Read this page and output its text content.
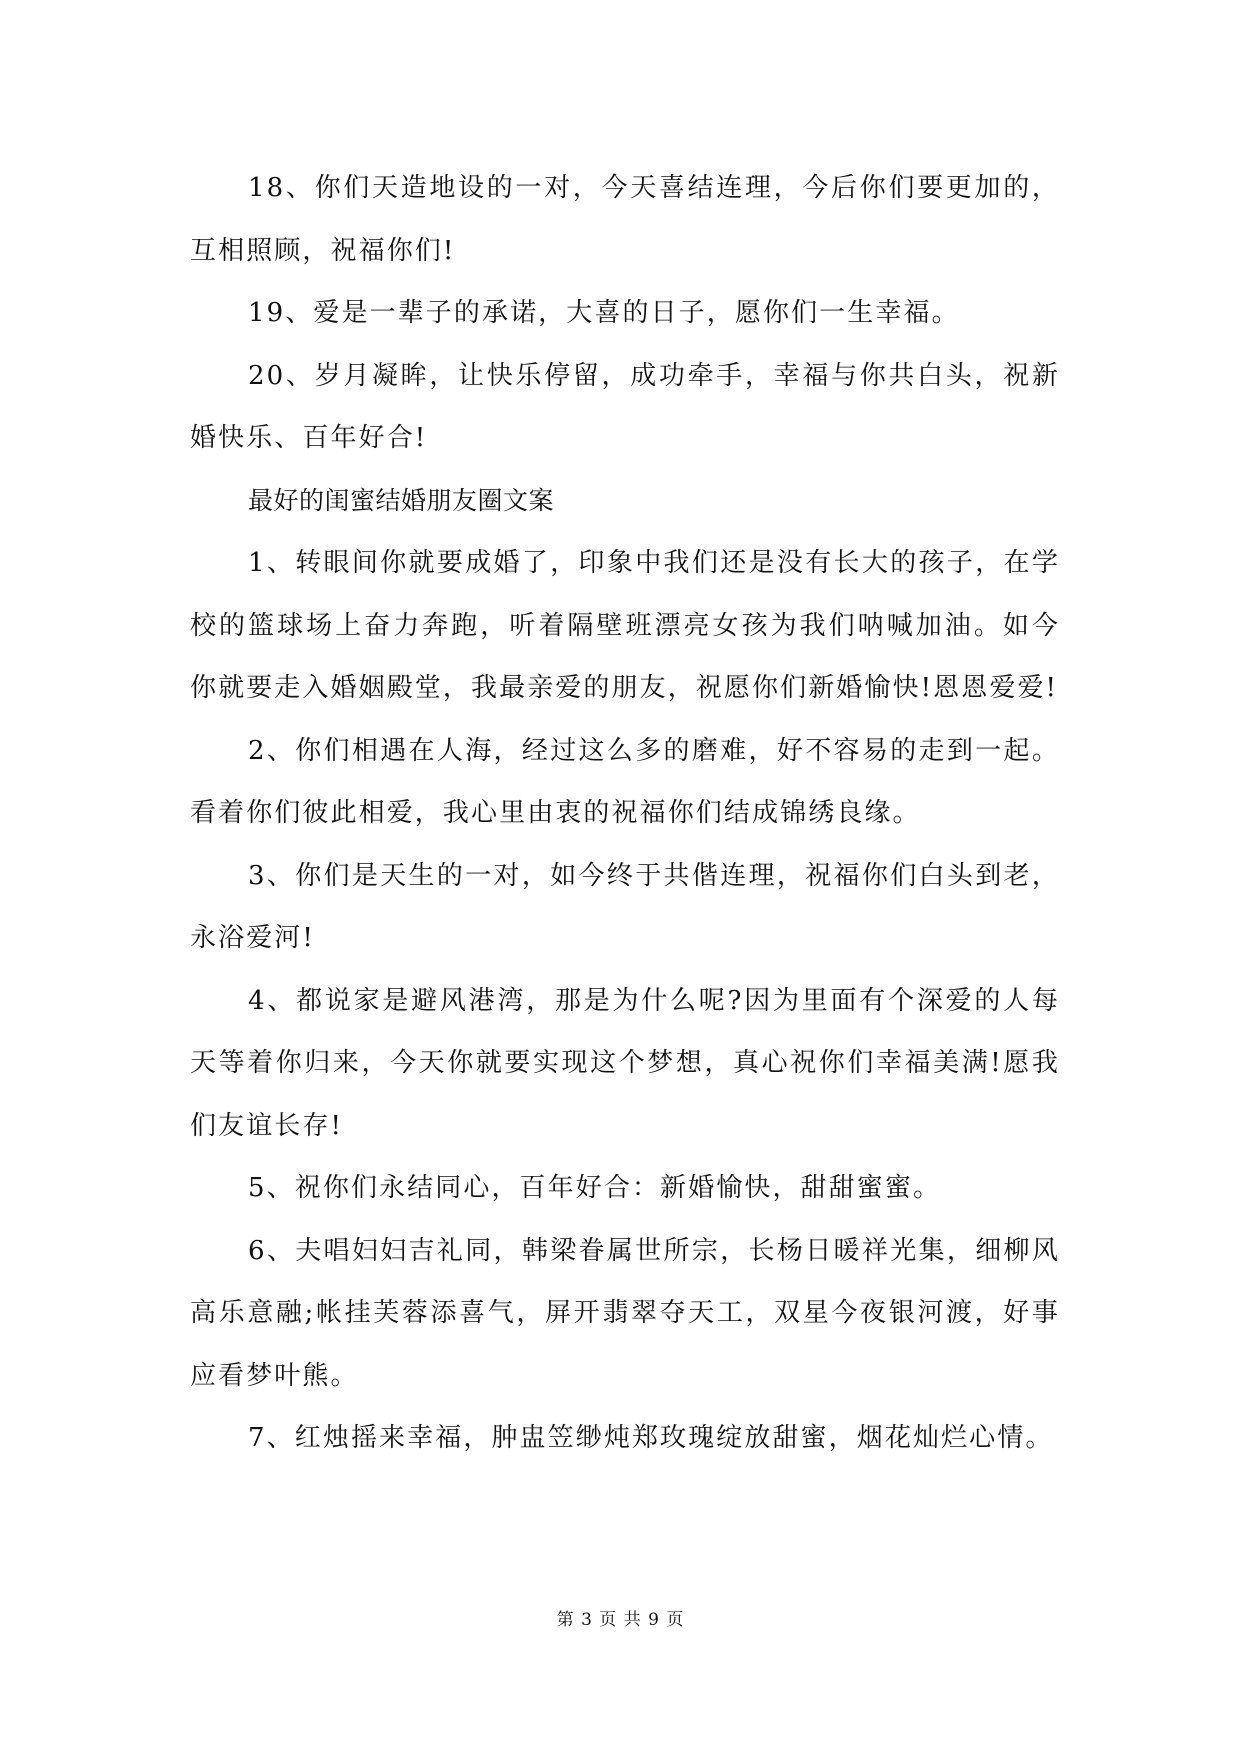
18、你们天造地设的一对，今天喜结连理，今后你们要更加的，互相照顾，祝福你们!

19、爱是一辈子的承诺，大喜的日子，愿你们一生幸福。

20、岁月凝眸，让快乐停留，成功牵手，幸福与你共白头，祝新婚快乐、百年好合!

最好的闺蜜结婚朋友圈文案

1、转眼间你就要成婚了，印象中我们还是没有长大的孩子，在学校的篮球场上奋力奔跑，听着隔壁班漂亮女孩为我们呐喊加油。如今你就要走入婚姻殿堂，我最亲爱的朋友，祝愿你们新婚愉快!恩恩爱爱!

2、你们相遇在人海，经过这么多的磨难，好不容易的走到一起。看着你们彼此相爱，我心里由衷的祝福你们结成锦绣良缘。

3、你们是天生的一对，如今终于共偕连理，祝福你们白头到老，永浴爱河!

4、都说家是避风港湾，那是为什么呢?因为里面有个深爱的人每天等着你归来，今天你就要实现这个梦想，真心祝你们幸福美满!愿我们友谊长存!

5、祝你们永结同心，百年好合：新婚愉快，甜甜蜜蜜。

6、夫唱妇妇吉礼同，韩梁眷属世所宗，长杨日暖祥光集，细柳风高乐意融;帐挂芙蓉添喜气，屏开翡翠夺天工，双星今夜银河渡，好事应看梦叶熊。

7、红烛摇来幸福，肿盅笠缈炖郑玫瑰绽放甜蜜，烟花灿烂心情。

第 3 页 共 9 页
